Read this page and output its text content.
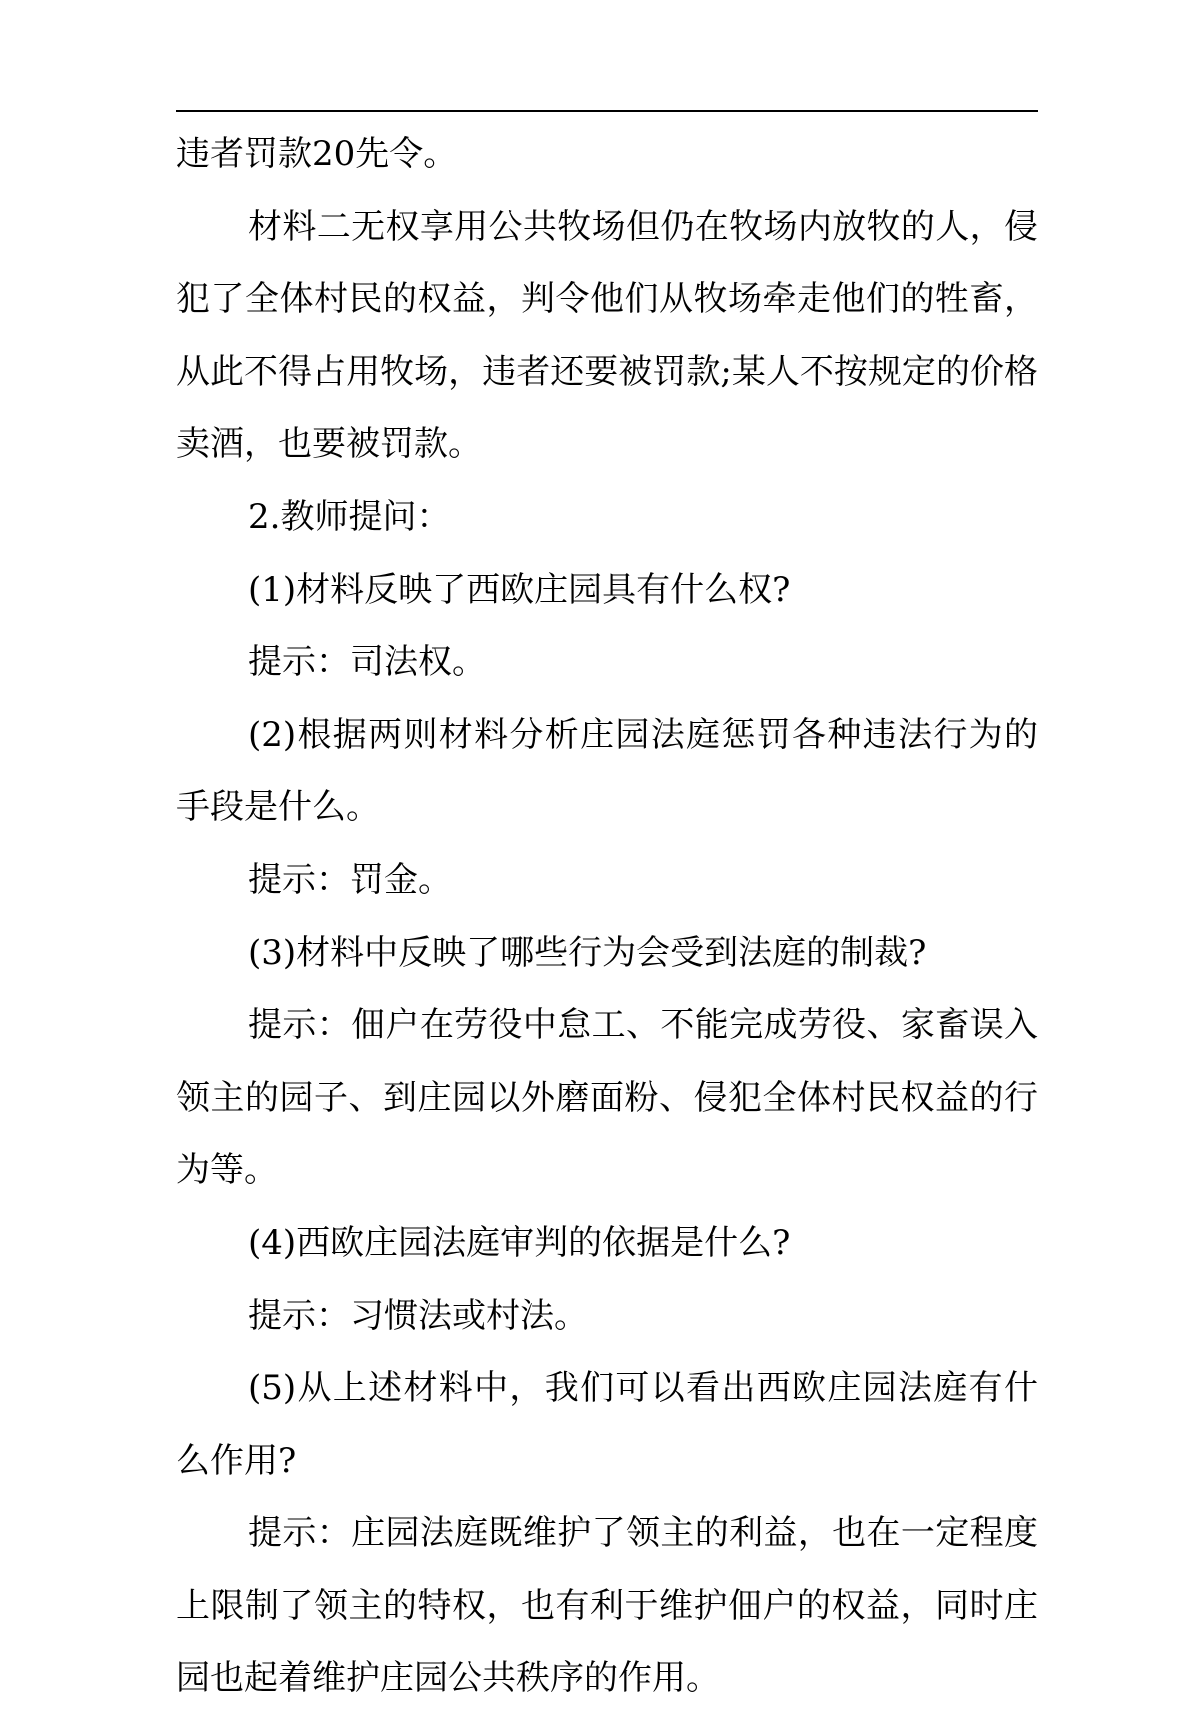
违者罚款20先令。

材料二无权享用公共牧场但仍在牧场内放牧的人，侵犯了全体村民的权益，判令他们从牧场牵走他们的牲畜，从此不得占用牧场，违者还要被罚款;某人不按规定的价格卖酒，也要被罚款。

2.教师提问：

(1)材料反映了西欧庄园具有什么权?

提示：司法权。

(2)根据两则材料分析庄园法庭惩罚各种违法行为的手段是什么。

提示：罚金。

(3)材料中反映了哪些行为会受到法庭的制裁?

提示：佃户在劳役中怠工、不能完成劳役、家畜误入领主的园子、到庄园以外磨面粉、侵犯全体村民权益的行为等。

(4)西欧庄园法庭审判的依据是什么?

提示：习惯法或村法。

(5)从上述材料中，我们可以看出西欧庄园法庭有什么作用?

提示：庄园法庭既维护了领主的利益，也在一定程度上限制了领主的特权，也有利于维护佃户的权益，同时庄园也起着维护庄园公共秩序的作用。
